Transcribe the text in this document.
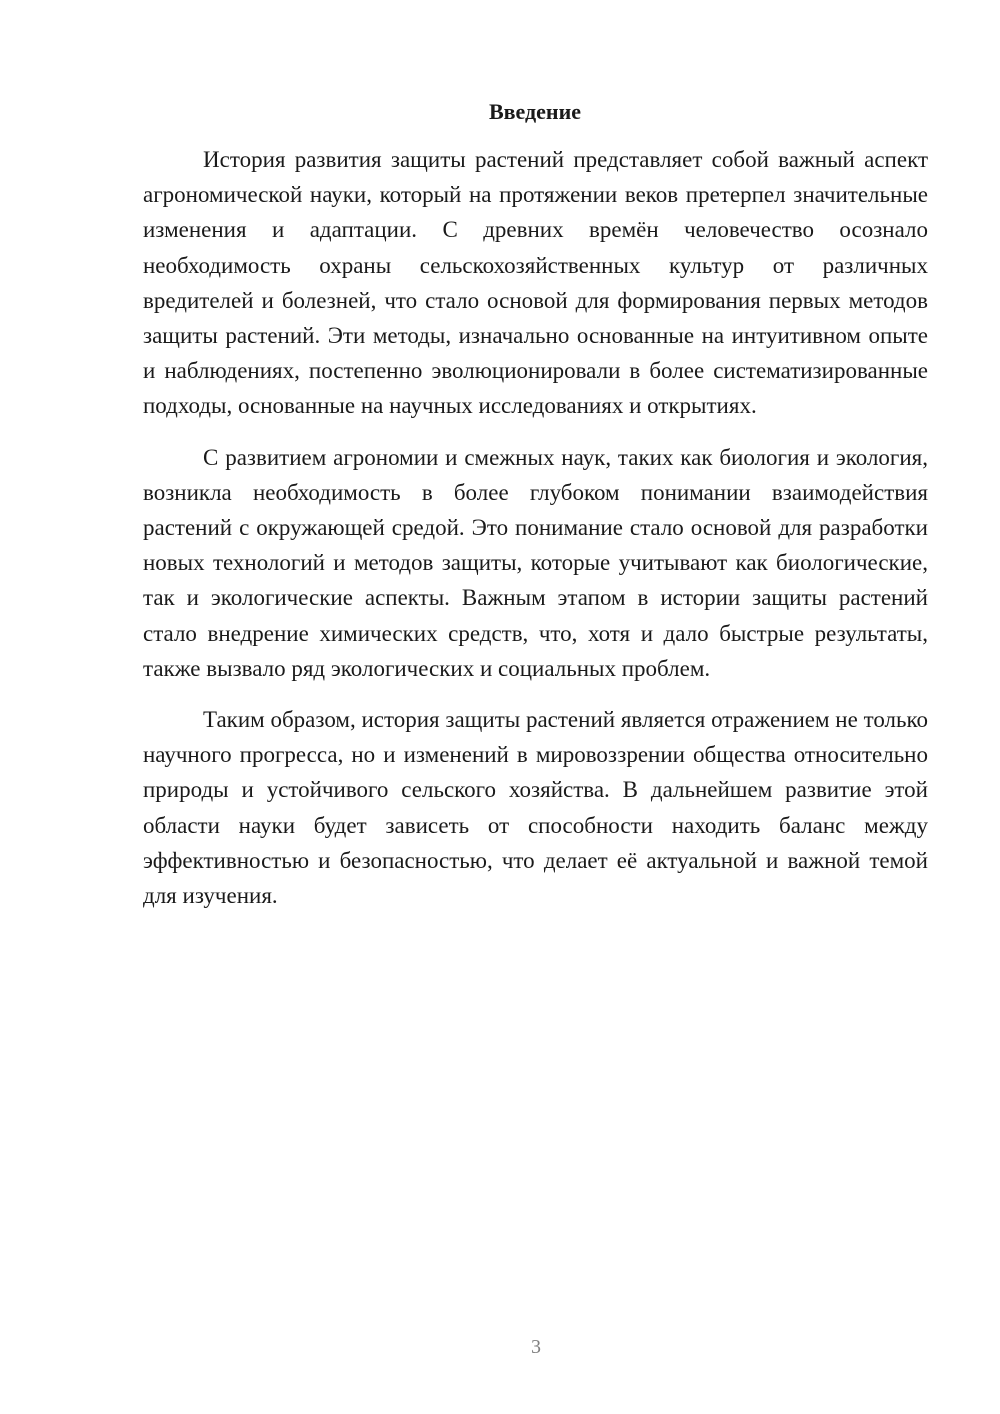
Введение

История развития защиты растений представляет собой важный аспект агрономической науки, который на протяжении веков претерпел значительные изменения и адаптации. С древних времён человечество осознало необходимость охраны сельскохозяйственных культур от различных вредителей и болезней, что стало основой для формирования первых методов защиты растений. Эти методы, изначально основанные на интуитивном опыте и наблюдениях, постепенно эволюционировали в более систематизированные подходы, основанные на научных исследованиях и открытиях.

С развитием агрономии и смежных наук, таких как биология и экология, возникла необходимость в более глубоком понимании взаимодействия растений с окружающей средой. Это понимание стало основой для разработки новых технологий и методов защиты, которые учитывают как биологические, так и экологические аспекты. Важным этапом в истории защиты растений стало внедрение химических средств, что, хотя и дало быстрые результаты, также вызвало ряд экологических и социальных проблем.

Таким образом, история защиты растений является отражением не только научного прогресса, но и изменений в мировоззрении общества относительно природы и устойчивого сельского хозяйства. В дальнейшем развитие этой области науки будет зависеть от способности находить баланс между эффективностью и безопасностью, что делает её актуальной и важной темой для изучения.

3
